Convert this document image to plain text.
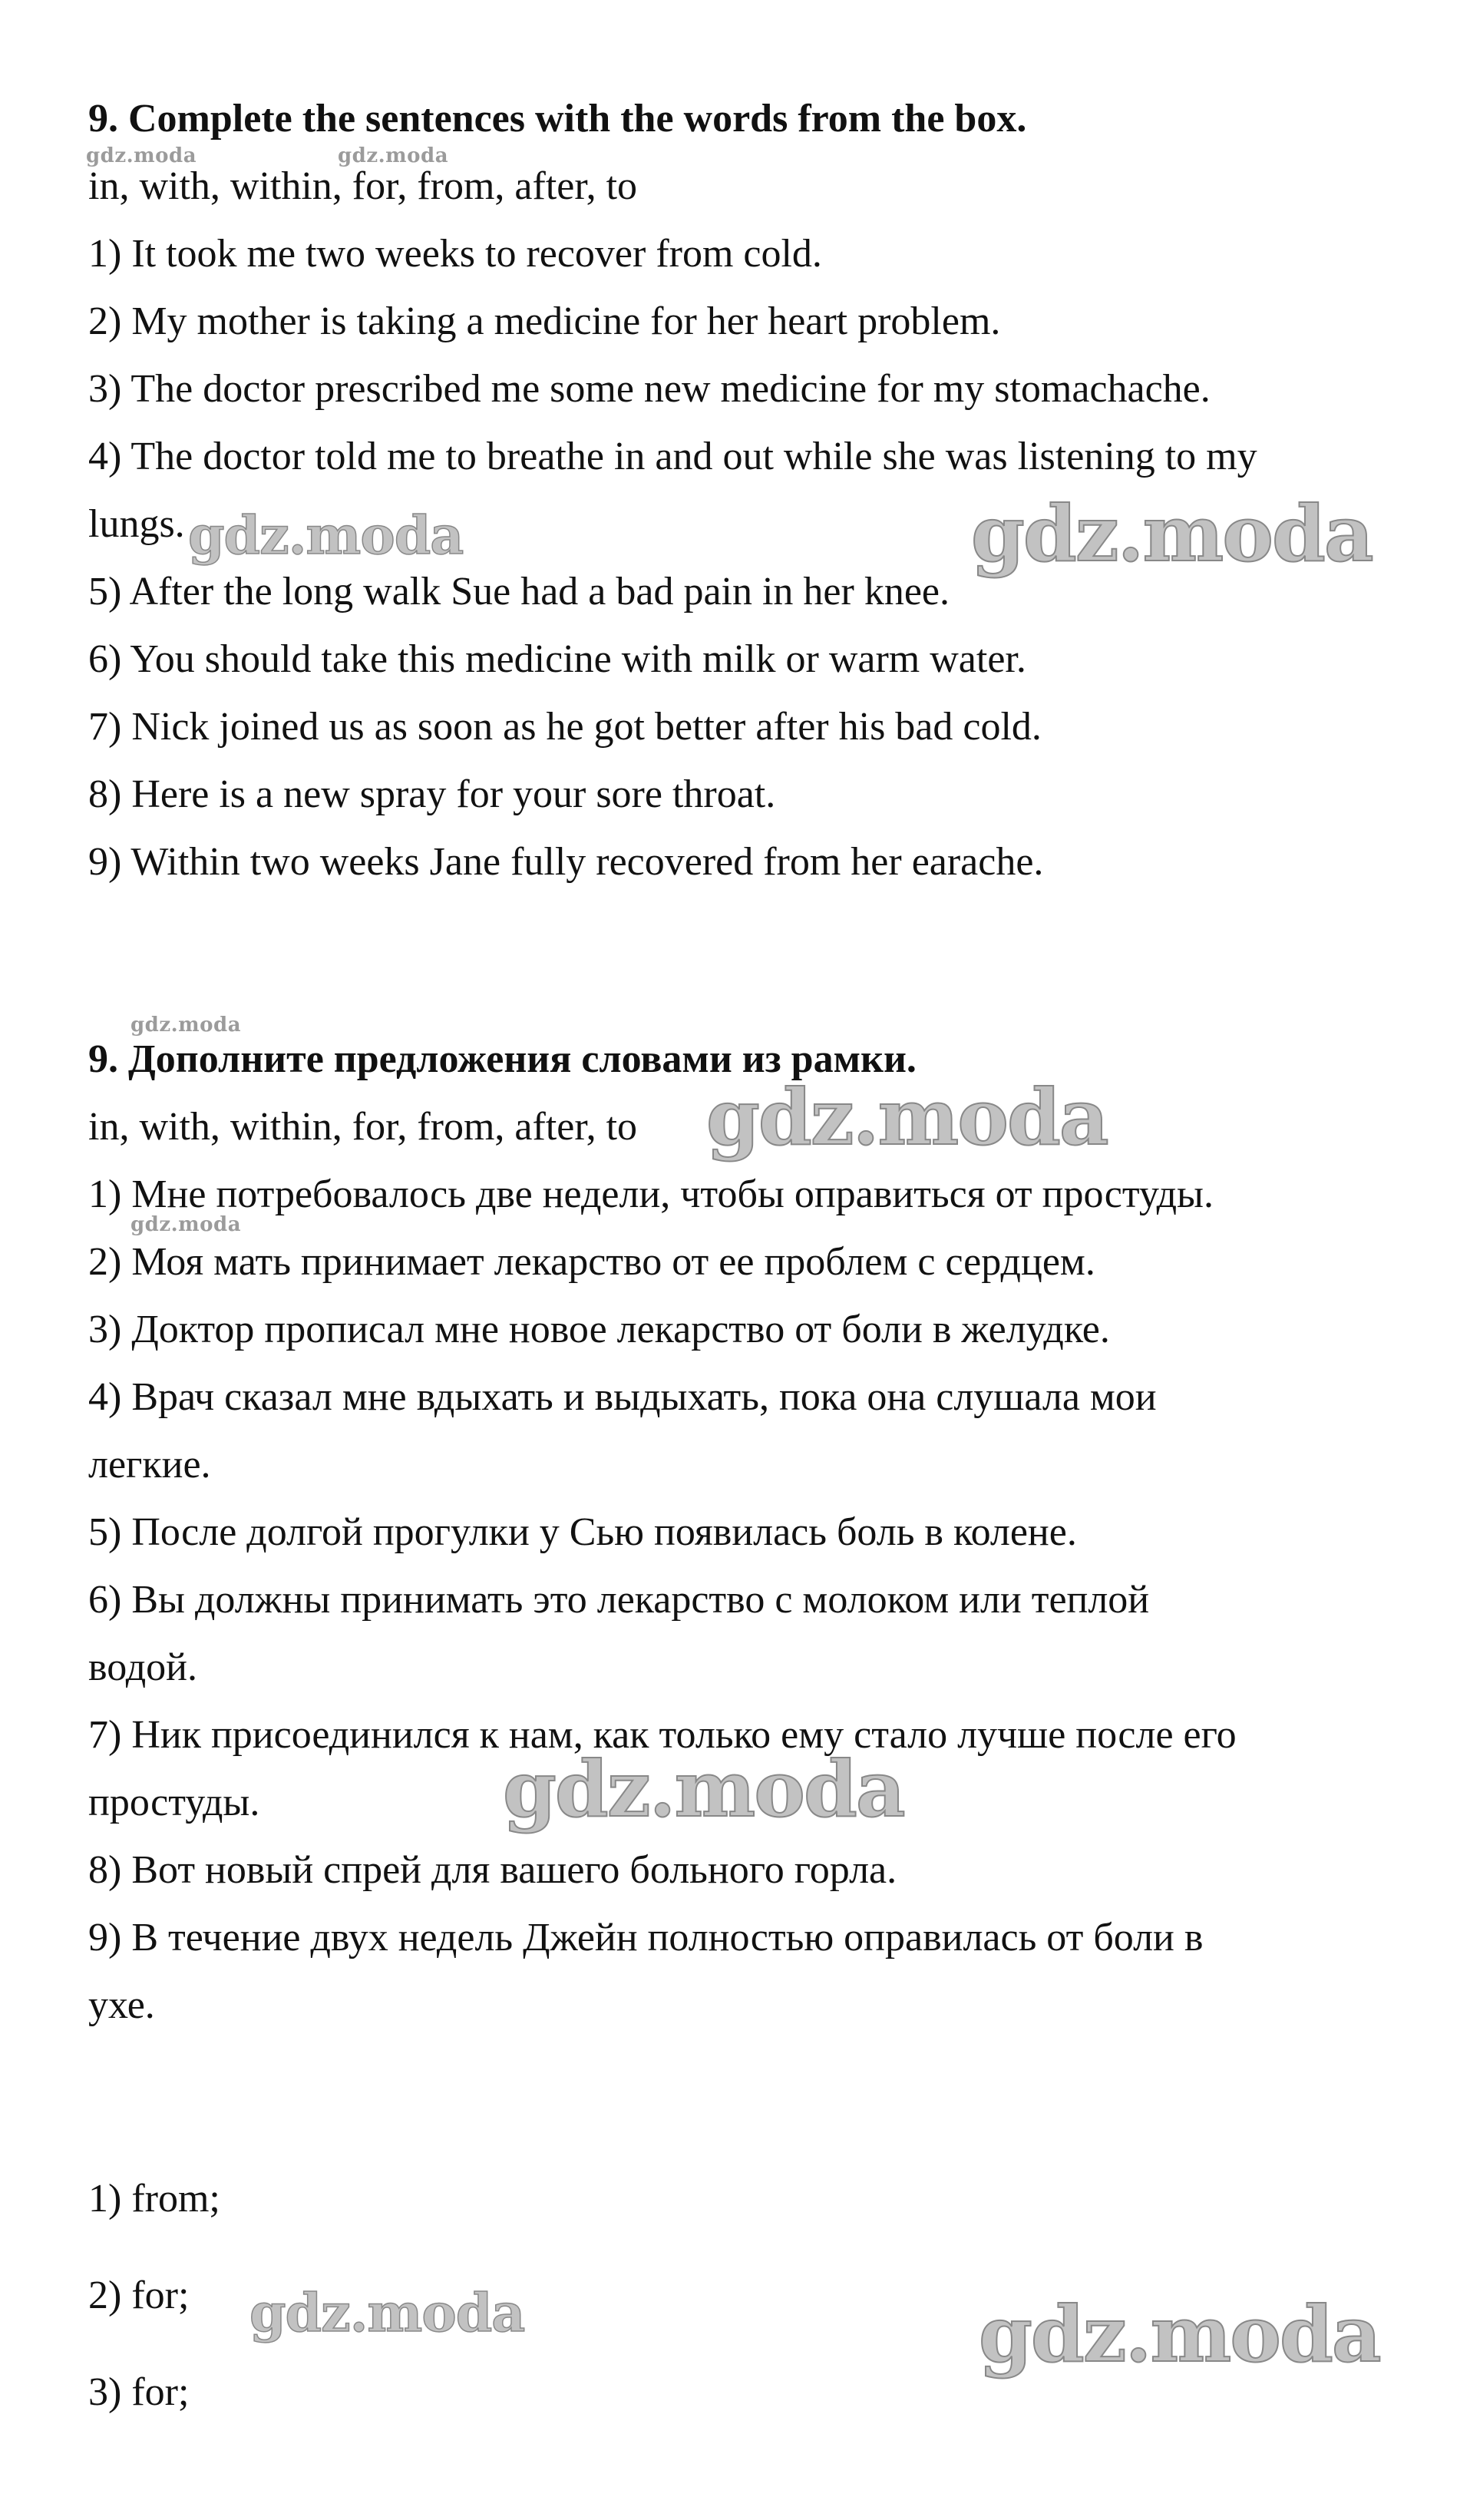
9. Complete the sentences with the words from the box.
in, with, within, for, from, after, to
1) It took me two weeks to recover from cold.
2) My mother is taking a medicine for her heart problem.
3) The doctor prescribed me some new medicine for my stomachache.
4) The doctor told me to breathe in and out while she was listening to my
lungs.
5) After the long walk Sue had a bad pain in her knee.
6) You should take this medicine with milk or warm water.
7) Nick joined us as soon as he got better after his bad cold.
8) Here is a new spray for your sore throat.
9) Within two weeks Jane fully recovered from her earache.
9. Дополните предложения словами из рамки.
in, with, within, for, from, after, to
1) Мне потребовалось две недели, чтобы оправиться от простуды.
2) Моя мать принимает лекарство от ее проблем с сердцем.
3) Доктор прописал мне новое лекарство от боли в желудке.
4) Врач сказал мне вдыхать и выдыхать, пока она слушала мои
легкие.
5) После долгой прогулки у Сью появилась боль в колене.
6) Вы должны принимать это лекарство с молоком или теплой
водой.
7) Ник присоединился к нам, как только ему стало лучше после его
простуды.
8) Вот новый спрей для вашего больного горла.
9) В течение двух недель Джейн полностью оправилась от боли в
ухе.
1) from;
2) for;
3) for;
gdz.moda	gdz.moda
gdz.moda
gdz.moda
gdz.moda	gdz.moda
gdz.moda
gdz.moda
gdz.moda	gdz.moda
